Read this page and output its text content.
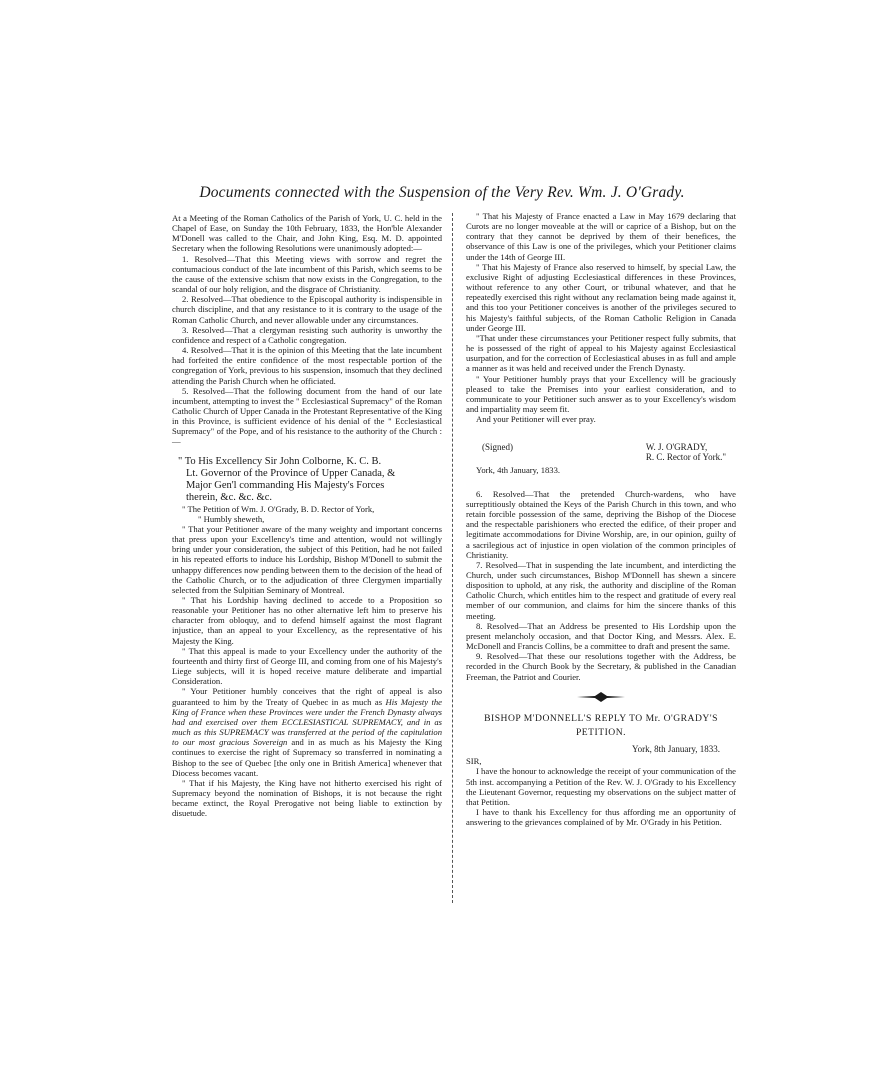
Documents connected with the Suspension of the Very Rev. Wm. J. O'Grady.

At a Meeting of the Roman Catholics of the Parish of York, U. C. held in the Chapel of Ease, on Sunday the 10th February, 1833, the Hon'ble Alexander M'Donell was called to the Chair, and John King, Esq. M. D. appointed Secretary when the following Resolutions were unanimously adopted:—

1. Resolved—That this Meeting views with sorrow and regret the contumacious conduct of the late incumbent of this Parish, which seems to be the cause of the extensive schism that now exists in the Congregation, to the scandal of our holy religion, and the disgrace of Christianity.

2. Resolved—That obedience to the Episcopal authority is indispensible in church discipline, and that any resistance to it is contrary to the usage of the Roman Catholic Church, and never allowable under any circumstances.

3. Resolved—That a clergyman resisting such authority is unworthy the confidence and respect of a Catholic congregation.

4. Resolved—That it is the opinion of this Meeting that the late incumbent had forfeited the entire confidence of the most respectable portion of the congregation of York, previous to his suspension, insomuch that they declined attending the Parish Church when he officiated.

5. Resolved—That the following document from the hand of our late incumbent, attempting to invest the " Ecclesiastical Supremacy" of the Roman Catholic Church of Upper Canada in the Protestant Representative of the King in this Province, is sufficient evidence of his denial of the " Ecclesiastical Supremacy" of the Pope, and of his resistance to the authority of the Church :—

" To His Excellency Sir John Colborne, K. C. B.

Lt. Governor of the Province of Upper Canada, &

Major Gen'l commanding His Majesty's Forces

therein, &c. &c. &c.

" The Petition of Wm. J. O'Grady, B. D. Rector of York,

" Humbly sheweth,

" That your Petitioner aware of the many weighty and important concerns that press upon your Excellency's time and attention, would not willingly bring under your consideration, the subject of this Petition, had he not failed in his repeated efforts to induce his Lordship, Bishop M'Donell to submit the unhappy differences now pending between them to the decision of the head of the Catholic Church, or to the adjudication of three Clergymen impartially selected from the Sulpitian Seminary of Montreal.

" That his Lordship having declined to accede to a Proposition so reasonable your Petitioner has no other alternative left him to preserve his character from obloquy, and to defend himself against the most flagrant injustice, than an appeal to your Excellency, as the representative of his Majesty the King.

" That this appeal is made to your Excellency under the authority of the fourteenth and thirty first of George III, and coming from one of his Majesty's Liege subjects, will it is hoped receive mature deliberate and impartial Consideration.

" Your Petitioner humbly conceives that the right of appeal is also guaranteed to him by the Treaty of Quebec in as much as His Majesty the King of France when these Provinces were under the French Dynasty always had and exercised over them ECCLESIASTICAL SUPREMACY, and in as much as this SUPREMACY was transferred at the period of the capitulation to our most gracious Sovereign and in as much as his Majesty the King continues to exercise the right of Supremacy so transferred in nominating a Bishop to the see of Quebec [the only one in British America] whenever that Diocess becomes vacant.

" That if his Majesty, the King have not hitherto exercised his right of Supremacy beyond the nomination of Bishops, it is not because the right became extinct, the Royal Prerogative not being liable to extinction by disuetude.

" That his Majesty of France enacted a Law in May 1679 declaring that Curots are no longer moveable at the will or caprice of a Bishop, but on the contrary that they cannot be deprived by them of their benefices, the observance of this Law is one of the privileges, which your Petitioner claims under the 14th of George III.

" That his Majesty of France also reserved to himself, by special Law, the exclusive Right of adjusting Ecclesiastical differences in these Provinces, without reference to any other Court, or tribunal whatever, and that he repeatedly exercised this right without any reclamation being made against it, and this too your Petitioner conceives is another of the privileges secured to his Majesty's faithful subjects, of the Roman Catholic Religion in Canada under George III.

"That under these circumstances your Petitioner respect fully submits, that he is possessed of the right of appeal to his Majesty against Ecclesiastical usurpation, and for the correction of Ecclesiastical abuses in as full and ample a manner as it was held and received under the French Dynasty.

" Your Petitioner humbly prays that your Excellency will be graciously pleased to take the Premises into your earliest consideration, and to communicate to your Petitioner such answer as to your Excellency's wisdom and impartiality may seem fit.

And your Petitioner will ever pray.

(Signed)	W. J. O'GRADY,
R. C. Rector of York."

York, 4th January, 1833.

6. Resolved—That the pretended Church-wardens, who have surreptitiously obtained the Keys of the Parish Church in this town, and who retain forcible possession of the same, depriving the Bishop of the Diocese and the respectable parishioners who erected the edifice, of their proper and legitimate accommodations for Divine Worship, are, in our opinion, guilty of a sacrilegious act of injustice in open violation of the common principles of Christianity.

7. Resolved—That in suspending the late incumbent, and interdicting the Church, under such circumstances, Bishop M'Donnell has shewn a sincere disposition to uphold, at any risk, the authority and discipline of the Roman Catholic Church, which entitles him to the respect and gratitude of every real member of our communion, and claims for him the sincere thanks of this meeting.

8. Resolved—That an Address be presented to His Lordship upon the present melancholy occasion, and that Doctor King, and Messrs. Alex. E. McDonell and Francis Collins, be a committee to draft and present the same.

9. Resolved—That these our resolutions together with the Address, be recorded in the Church Book by the Secretary, & published in the Canadian Freeman, the Patriot and Courier.

BISHOP M'DONNELL'S REPLY TO Mr. O'GRADY'S

PETITION.

York, 8th January, 1833.

SIR,

I have the honour to acknowledge the receipt of your communication of the 5th inst. accompanying a Petition of the Rev. W. J. O'Grady to his Excellency the Lieutenant Governor, requesting my observations on the subject matter of that Petition.

I have to thank his Excellency for thus affording me an opportunity of answering to the grievances complained of by Mr. O'Grady in his Petition.
